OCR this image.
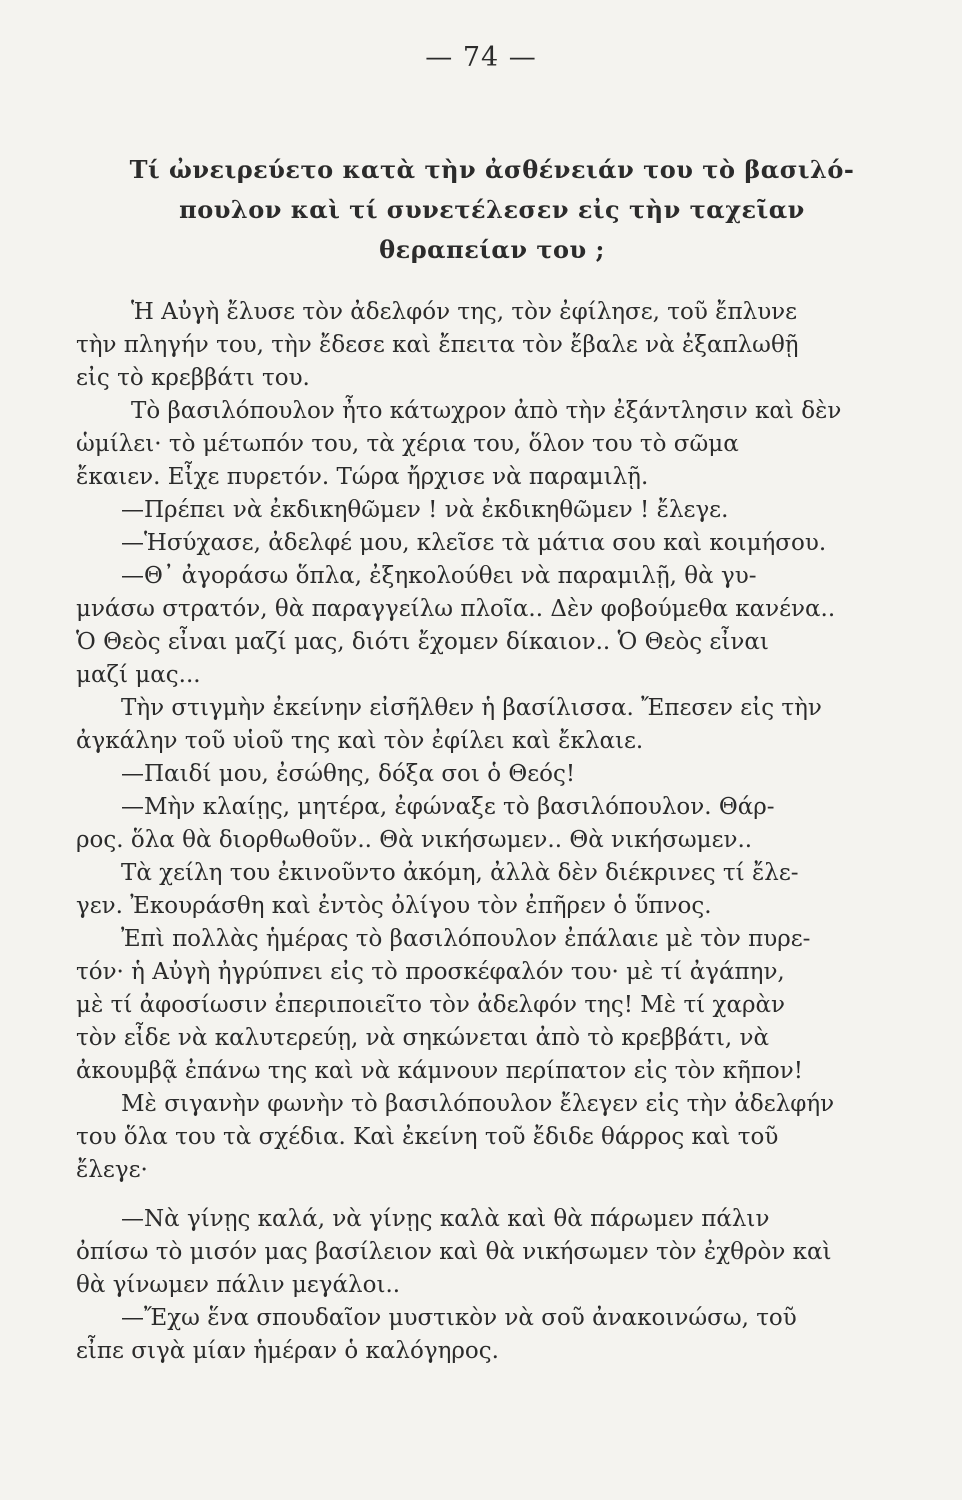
— 74 —
Τί ὠνειρεύετο κατὰ τὴν ἀσθένειάν του τὸ βασιλό-
πουλον καὶ τί συνετέλεσεν εἰς τὴν ταχεῖαν
θεραπείαν του ;
Ἡ Αὐγὴ ἔλυσε τὸν ἀδελφόν της, τὸν ἐφίλησε, τοῦ ἔπλυνε
τὴν πληγήν του, τὴν ἔδεσε καὶ ἔπειτα τὸν ἔβαλε νὰ ἐξαπλωθῇ
εἰς τὸ κρεββάτι του.
Τὸ βασιλόπουλον ἦτο κάτωχρον ἀπὸ τὴν ἐξάντλησιν καὶ δὲν
ὡμίλει· τὸ μέτωπόν του, τὰ χέρια του, ὅλον του τὸ σῶμα
ἔκαιεν. Εἶχε πυρετόν. Τώρα ἤρχισε νὰ παραμιλῇ.
—Πρέπει νὰ ἐκδικηθῶμεν ! νὰ ἐκδικηθῶμεν ! ἔλεγε.
—Ἡσύχασε, ἀδελφέ μου, κλεῖσε τὰ μάτια σου καὶ κοιμήσου.
—Θ᾽ ἀγοράσω ὅπλα, ἐξηκολούθει νὰ παραμιλῇ, θὰ γυ-
μνάσω στρατόν, θὰ παραγγείλω πλοῖα.. Δὲν φοβούμεθα κανένα..
Ὁ Θεὸς εἶναι μαζί μας, διότι ἔχομεν δίκαιον.. Ὁ Θεὸς εἶναι
μαζί μας...
Τὴν στιγμὴν ἐκείνην εἰσῆλθεν ἡ βασίλισσα. Ἔπεσεν εἰς τὴν
ἀγκάλην τοῦ υἱοῦ της καὶ τὸν ἐφίλει καὶ ἔκλαιε.
—Παιδί μου, ἐσώθης, δόξα σοι ὁ Θεός!
—Μὴν κλαίῃς, μητέρα, ἐφώναξε τὸ βασιλόπουλον. Θάρ-
ρος. ὅλα θὰ διορθωθοῦν.. Θὰ νικήσωμεν.. Θὰ νικήσωμεν..
Τὰ χείλη του ἐκινοῦντο ἀκόμη, ἀλλὰ δὲν διέκρινες τί ἔλε-
γεν. Ἐκουράσθη καὶ ἐντὸς ὀλίγου τὸν ἐπῆρεν ὁ ὕπνος.
Ἐπὶ πολλὰς ἡμέρας τὸ βασιλόπουλον ἐπάλαιε μὲ τὸν πυρε-
τόν· ἡ Αὐγὴ ἠγρύπνει εἰς τὸ προσκέφαλόν του· μὲ τί ἀγάπην,
μὲ τί ἀφοσίωσιν ἐπεριποιεῖτο τὸν ἀδελφόν της! Μὲ τί χαρὰν
τὸν εἶδε νὰ καλυτερεύῃ, νὰ σηκώνεται ἀπὸ τὸ κρεββάτι, νὰ
ἀκουμβᾷ ἐπάνω της καὶ νὰ κάμνουν περίπατον εἰς τὸν κῆπον!
Μὲ σιγανὴν φωνὴν τὸ βασιλόπουλον ἔλεγεν εἰς τὴν ἀδελφήν
του ὅλα του τὰ σχέδια. Καὶ ἐκείνη τοῦ ἔδιδε θάρρος καὶ τοῦ
ἔλεγε·
—Νὰ γίνῃς καλά, νὰ γίνῃς καλὰ καὶ θὰ πάρωμεν πάλιν
ὀπίσω τὸ μισόν μας βασίλειον καὶ θὰ νικήσωμεν τὸν ἐχθρὸν καὶ
θὰ γίνωμεν πάλιν μεγάλοι..
—Ἔχω ἕνα σπουδαῖον μυστικὸν νὰ σοῦ ἀνακοινώσω, τοῦ
εἶπε σιγὰ μίαν ἡμέραν ὁ καλόγηρος.
